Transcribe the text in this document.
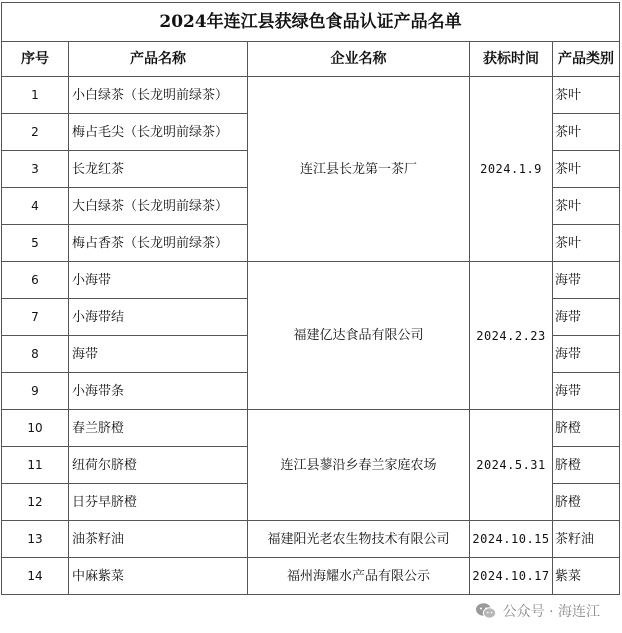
2024年连江县获绿色食品认证产品名单				
序号	产品名称	企业名称	获标时间	产品类别
1	小白绿茶（长龙明前绿茶）	连江县长龙第一茶厂	2024.1.9	茶叶
2	梅占毛尖（长龙明前绿茶）			茶叶
3	长龙红茶			茶叶
4	大白绿茶（长龙明前绿茶）			茶叶
5	梅占香茶（长龙明前绿茶）			茶叶
6	小海带	福建亿达食品有限公司	2024.2.23	海带
7	小海带结			海带
8	海带			海带
9	小海带条			海带
10	春兰脐橙	连江县蓼沿乡春兰家庭农场	2024.5.31	脐橙
11	纽荷尔脐橙			脐橙
12	日芬早脐橙			脐橙
13	油茶籽油	福建阳光老农生物技术有限公司	2024.10.15	茶籽油
14	中麻紫菜	福州海耀水产品有限公示	2024.10.17	紫菜
公众号 · 海连江
